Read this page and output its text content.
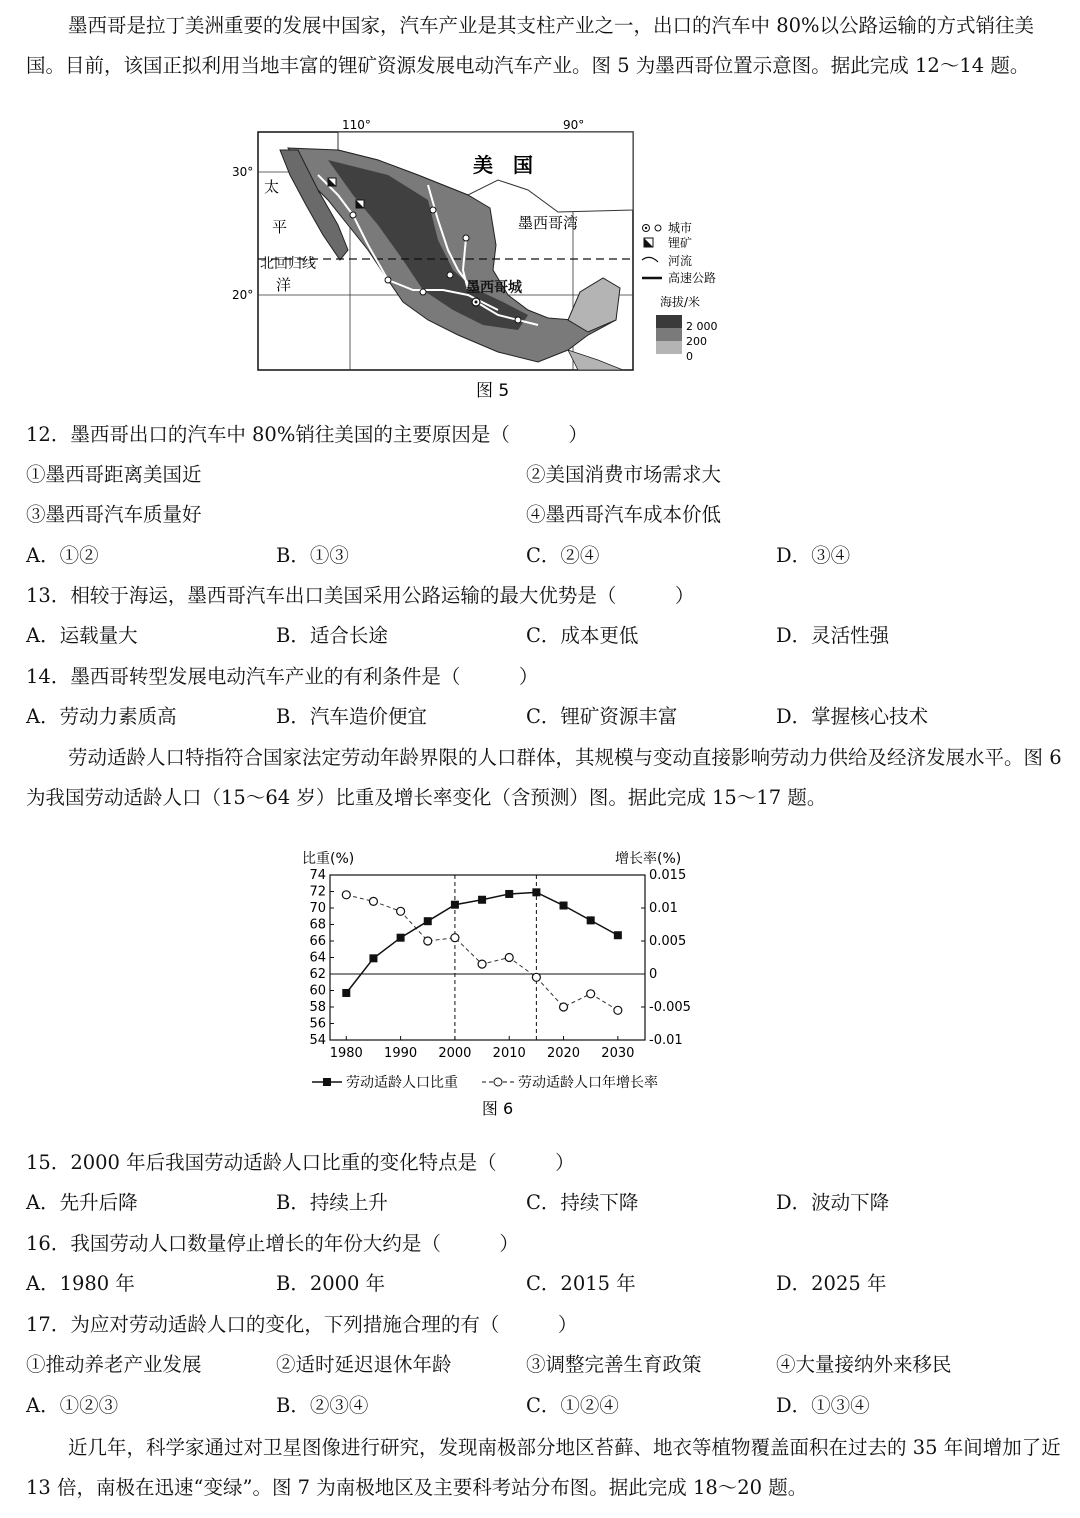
墨西哥是拉丁美洲重要的发展中国家，汽车产业是其支柱产业之一，出口的汽车中 80%以公路运输的方式销往美国。目前，该国正拟利用当地丰富的锂矿资源发展电动汽车产业。图 5 为墨西哥位置示意图。据此完成 12～14 题。
110°	90°
30°
20°
美　国
墨西哥湾
太
平
洋
北回归线
墨西哥城
城市
锂矿
河流
高速公路
海拔/米
2 000
200
0
图 5
12．墨西哥出口的汽车中 80%销往美国的主要原因是（　　　）
①墨西哥距离美国近	②美国消费市场需求大
③墨西哥汽车质量好	④墨西哥汽车成本价低
A．①②	B．①③	C．②④	D．③④
13．相较于海运，墨西哥汽车出口美国采用公路运输的最大优势是（　　　）
A．运载量大	B．适合长途	C．成本更低	D．灵活性强
14．墨西哥转型发展电动汽车产业的有利条件是（　　　）
A．劳动力素质高	B．汽车造价便宜	C．锂矿资源丰富	D．掌握核心技术
劳动适龄人口特指符合国家法定劳动年龄界限的人口群体，其规模与变动直接影响劳动力供给及经济发展水平。图 6 为我国劳动适龄人口（15～64 岁）比重及增长率变化（含预测）图。据此完成 15～17 题。
比重(%)	增长率(%)
54
56
58
60
62
64
66
68
70
72
74	0.015
0.01
0.005
0
-0.005
-0.01
1980 1990 2000 2010 2020 2030
劳动适龄人口比重	劳动适龄人口年增长率
图 6
15．2000 年后我国劳动适龄人口比重的变化特点是（　　　）
A．先升后降	B．持续上升	C．持续下降	D．波动下降
16．我国劳动人口数量停止增长的年份大约是（　　　）
A．1980 年	B．2000 年	C．2015 年	D．2025 年
17．为应对劳动适龄人口的变化，下列措施合理的有（　　　）
①推动养老产业发展	②适时延迟退休年龄	③调整完善生育政策	④大量接纳外来移民
A．①②③	B．②③④	C．①②④	D．①③④
近几年，科学家通过对卫星图像进行研究，发现南极部分地区苔藓、地衣等植物覆盖面积在过去的 35 年间增加了近 13 倍，南极在迅速“变绿”。图 7 为南极地区及主要科考站分布图。据此完成 18～20 题。
